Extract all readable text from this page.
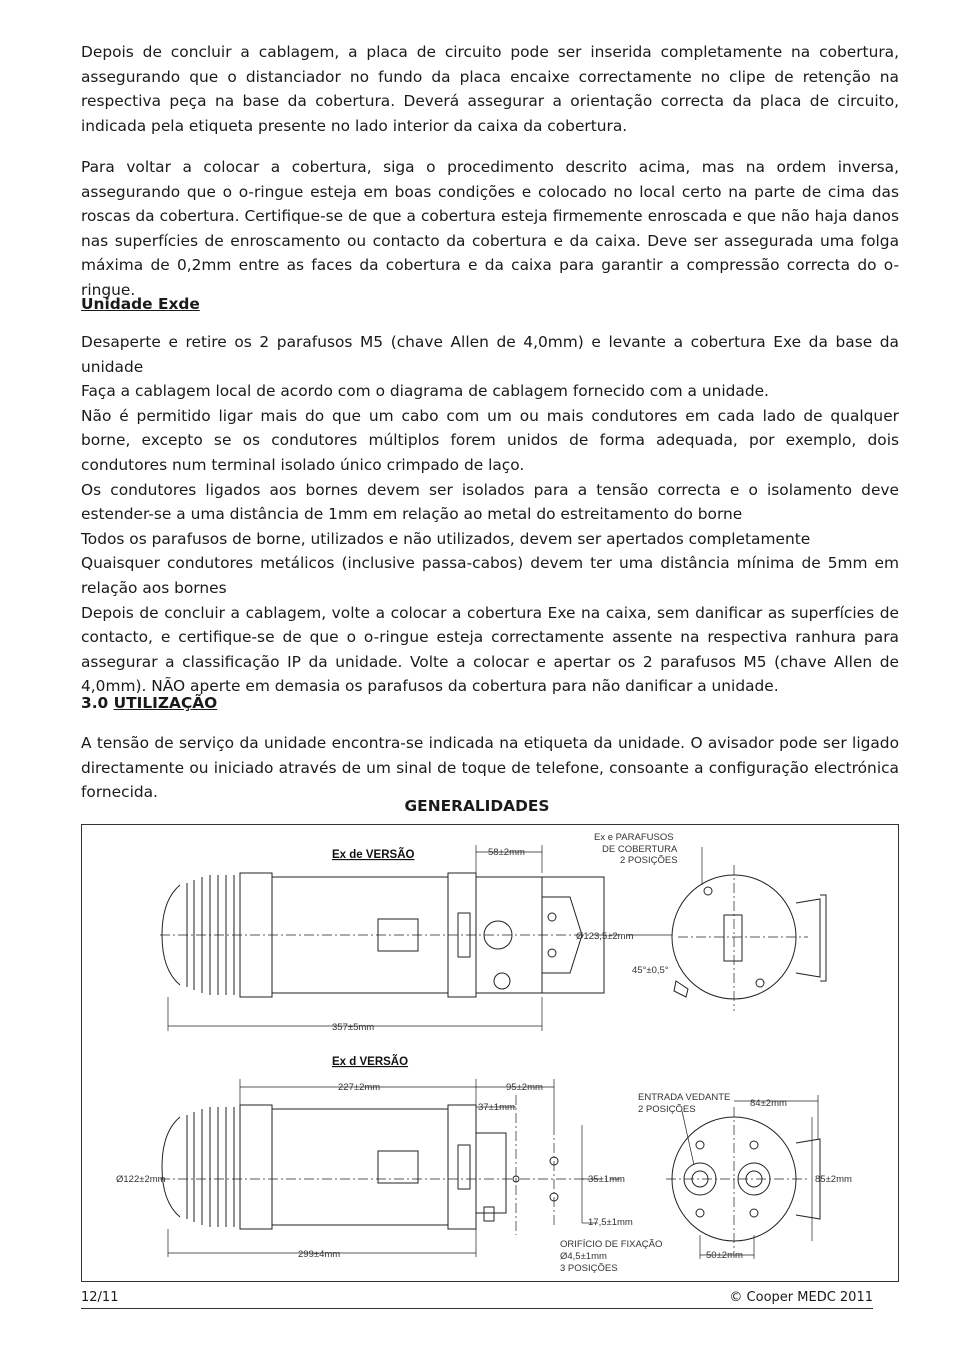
Depois de concluir a cablagem, a placa de circuito pode ser inserida completamente na cobertura, assegurando que o distanciador no fundo da placa encaixe correctamente no clipe de retenção na respectiva peça na base da cobertura. Deverá assegurar a orientação correcta da placa de circuito, indicada pela etiqueta presente no lado interior da caixa da cobertura.

Para voltar a colocar a cobertura, siga o procedimento descrito acima, mas na ordem inversa, assegurando que o o-ringue esteja em boas condições e colocado no local certo na parte de cima das roscas da cobertura. Certifique-se de que a cobertura esteja firmemente enroscada e que não haja danos nas superfícies de enroscamento ou contacto da cobertura e da caixa. Deve ser assegurada uma folga máxima de 0,2mm entre as faces da cobertura e da caixa para garantir a compressão correcta do o-ringue.

Unidade Exde

Desaperte e retire os 2 parafusos M5 (chave Allen de 4,0mm) e levante a cobertura Exe da base da unidade

Faça a cablagem local de acordo com o diagrama de cablagem fornecido com a unidade.

Não é permitido ligar mais do que um cabo com um ou mais condutores em cada lado de qualquer borne, excepto se os condutores múltiplos forem unidos de forma adequada, por exemplo, dois condutores num terminal isolado único crimpado de laço.

Os condutores ligados aos bornes devem ser isolados para a tensão correcta e o isolamento deve estender-se a uma distância de 1mm em relação ao metal do estreitamento do borne

Todos os parafusos de borne, utilizados e não utilizados, devem ser apertados completamente

Quaisquer condutores metálicos (inclusive passa-cabos) devem ter uma distância mínima de 5mm em relação aos bornes

Depois de concluir a cablagem, volte a colocar a cobertura Exe na caixa, sem danificar as superfícies de contacto, e certifique-se de que o o-ringue esteja correctamente assente na respectiva ranhura para assegurar a classificação IP da unidade. Volte a colocar e apertar os 2 parafusos M5 (chave Allen de 4,0mm). NÃO aperte em demasia os parafusos da cobertura para não danificar a unidade.

3.0 UTILIZAÇÃO

A tensão de serviço da unidade encontra-se indicada na etiqueta da unidade. O avisador pode ser ligado directamente ou iniciado através de um sinal de toque de telefone, consoante a configuração electrónica fornecida.

GENERALIDADES
Ex de VERSÃO
Ex d VERSÃO
58±2mm
357±5mm
Ø123,5±2mm
45°±0,5°
Ex e PARAFUSOS
DE COBERTURA
2 POSIÇÕES
227±2mm	95±2mm
37±1mm
Ø122±2mm	35±1mm
17,5±1mm
299±4mm
ORIFÍCIO DE FIXAÇÃO
Ø4,5±1mm
3 POSIÇÕES
ENTRADA VEDANTE
2 POSIÇÕES
84±2mm
85±2mm
50±2mm
12/11	© Cooper MEDC 2011
